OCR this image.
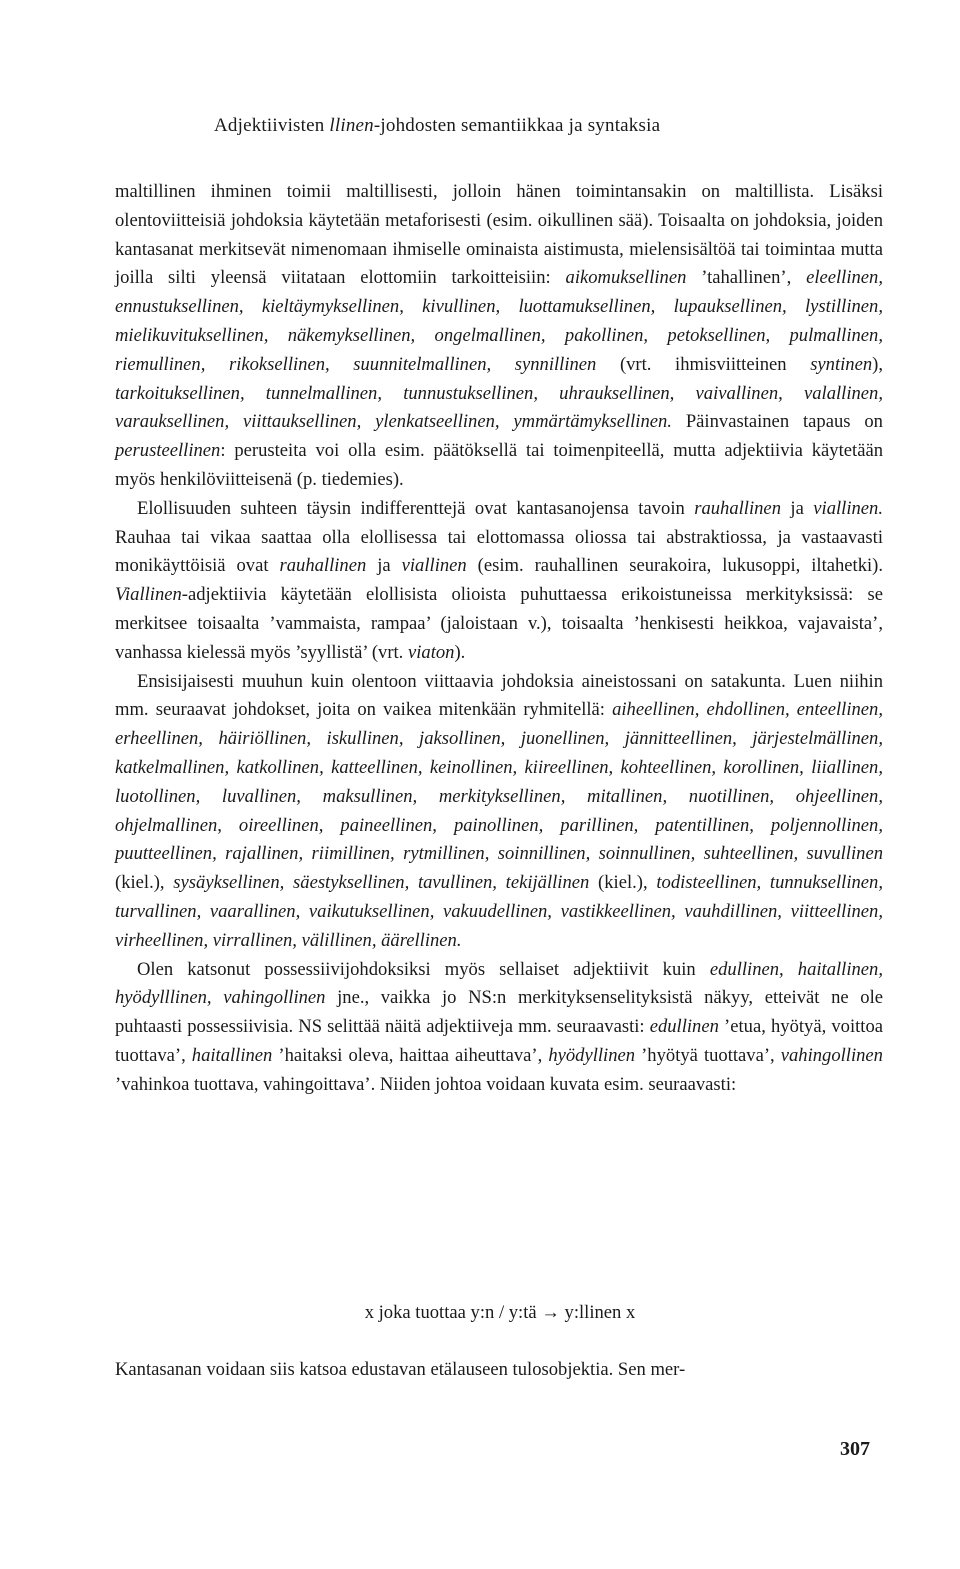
Adjektiivisten llinen-johdosten semantiikkaa ja syntaksia

maltillinen ihminen toimii maltillisesti, jolloin hänen toimintansakin on maltillista. Lisäksi olentoviitteisiä johdoksia käytetään metaforisesti (esim. oikullinen sää). Toisaalta on johdoksia, joiden kantasanat merkitsevät nimenomaan ihmiselle ominaista aistimusta, mielensisältöä tai toimintaa mutta joilla silti yleensä viitataan elottomiin tarkoitteisiin: aikomuksellinen ’tahallinen’, eleellinen, ennustuksellinen, kieltäymyksellinen, kivullinen, luottamuksellinen, lupauksellinen, lystillinen, mielikuvituksellinen, näkemyksellinen, ongelmallinen, pakollinen, petoksellinen, pulmallinen, riemullinen, rikoksellinen, suunnitelmallinen, synnillinen (vrt. ihmisviitteinen syntinen), tarkoituksellinen, tunnelmallinen, tunnustuksellinen, uhrauksellinen, vaivallinen, valallinen, varauksellinen, viittauksellinen, ylenkatseellinen, ymmärtämyksellinen. Päinvastainen tapaus on perusteellinen: perusteita voi olla esim. päätöksellä tai toimenpiteellä, mutta adjektiivia käytetään myös henkilöviitteisenä (p. tiedemies).

Elollisuuden suhteen täysin indifferenttejä ovat kantasanojensa tavoin rauhallinen ja viallinen. Rauhaa tai vikaa saattaa olla elollisessa tai elottomassa oliossa tai abstraktiossa, ja vastaavasti monikäyttöisiä ovat rauhallinen ja viallinen (esim. rauhallinen seurakoira, lukusoppi, iltahetki). Viallinen-adjektiivia käytetään elollisista olioista puhuttaessa erikoistuneissa merkityksissä: se merkitsee toisaalta ’vammaista, rampaa’ (jaloistaan v.), toisaalta ’henkisesti heikkoa, vajavaista’, vanhassa kielessä myös ’syyllistä’ (vrt. viaton).

Ensisijaisesti muuhun kuin olentoon viittaavia johdoksia aineistossani on satakunta. Luen niihin mm. seuraavat johdokset, joita on vaikea mitenkään ryhmitellä: aiheellinen, ehdollinen, enteellinen, erheellinen, häiriöllinen, iskullinen, jaksollinen, juonellinen, jännitteellinen, järjestelmällinen, katkelmallinen, katkollinen, katteellinen, keinollinen, kiireellinen, kohteellinen, korollinen, liiallinen, luotollinen, luvallinen, maksullinen, merkityksellinen, mitallinen, nuotillinen, ohjeellinen, ohjelmallinen, oireellinen, paineellinen, painollinen, parillinen, patentillinen, poljennollinen, puutteellinen, rajallinen, riimillinen, rytmillinen, soinnillinen, soinnullinen, suhteellinen, suvullinen (kiel.), sysäyksellinen, säestyksellinen, tavullinen, tekijällinen (kiel.), todisteellinen, tunnuksellinen, turvallinen, vaarallinen, vaikutuksellinen, vakuudellinen, vastikkeellinen, vauhdillinen, viitteellinen, virheellinen, virrallinen, välillinen, äärellinen.

Olen katsonut possessiivijohdoksiksi myös sellaiset adjektiivit kuin edullinen, haitallinen, hyödylllinen, vahingollinen jne., vaikka jo NS:n merkityksenselityksistä näkyy, etteivät ne ole puhtaasti possessiivisia. NS selittää näitä adjektiiveja mm. seuraavasti: edullinen ’etua, hyötyä, voittoa tuottava’, haitallinen ’haitaksi oleva, haittaa aiheuttava’, hyödyllinen ’hyötyä tuottava’, vahingollinen ’vahinkoa tuottava, vahingoittava’. Niiden johtoa voidaan kuvata esim. seuraavasti:

x joka tuottaa y:n / y:tä → y:llinen x
Kantasanan voidaan siis katsoa edustavan etälauseen tulosobjektia. Sen mer-
307
